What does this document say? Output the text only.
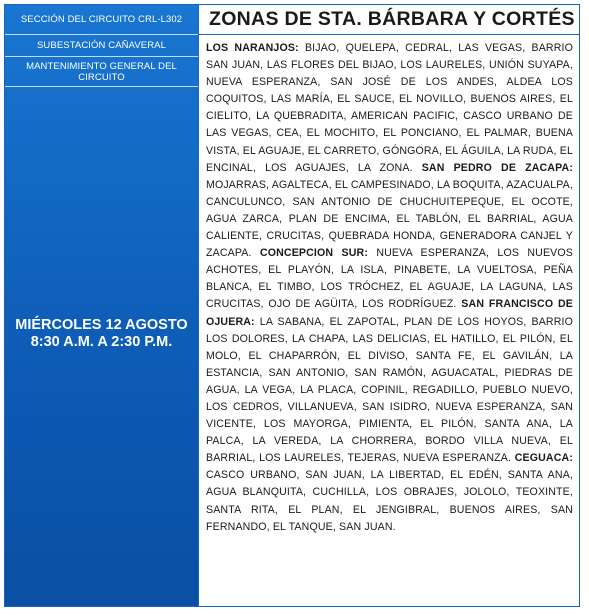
SECCIÓN DEL CIRCUITO CRL-L302
SUBESTACIÓN CAÑAVERAL
MANTENIMIENTO GENERAL DEL CIRCUITO
MIÉRCOLES 12 AGOSTO
8:30 A.M. A 2:30 P.M.
ZONAS DE STA. BÁRBARA Y CORTÉS
LOS NARANJOS: BIJAO, QUELEPA, CEDRAL, LAS VEGAS, BARRIO SAN JUAN, LAS FLORES DEL BIJAO, LOS LAURELES, UNIÓN SUYAPA, NUEVA ESPERANZA, SAN JOSÉ DE LOS ANDES, ALDEA LOS COQUITOS, LAS MARÍA, EL SAUCE, EL NOVILLO, BUENOS AIRES, EL CIELITO, LA QUEBRADITA, AMERICAN PACIFIC, CASCO URBANO DE LAS VEGAS, CEA, EL MOCHITO, EL PONCIANO, EL PALMAR, BUENA VISTA, EL AGUAJE, EL CARRETO, GÓNGORA, EL ÁGUILA, LA RUDA, EL ENCINAL, LOS AGUAJES, LA ZONA. SAN PEDRO DE ZACAPA: MOJARRAS, AGALTECA, EL CAMPESINADO, LA BOQUITA, AZACUALPA, CANCULUNCO, SAN ANTONIO DE CHUCHUITEPEQUE, EL OCOTE, AGUA ZARCA, PLAN DE ENCIMA, EL TABLÓN, EL BARRIAL, AGUA CALIENTE, CRUCITAS, QUEBRADA HONDA, GENERADORA CANJEL Y ZACAPA. CONCEPCION SUR: NUEVA ESPERANZA, LOS NUEVOS ACHOTES, EL PLAYÓN, LA ISLA, PINABETE, LA VUELTOSA, PEÑA BLANCA, EL TIMBO, LOS TRÓCHEZ, EL AGUAJE, LA LAGUNA, LAS CRUCITAS, OJO DE AGÜITA, LOS RODRÍGUEZ. SAN FRANCISCO DE OJUERA: LA SABANA, EL ZAPOTAL, PLAN DE LOS HOYOS, BARRIO LOS DOLORES, LA CHAPA, LAS DELICIAS, EL HATILLO, EL PILÓN, EL MOLO, EL CHAPARRÓN, EL DIVISO, SANTA FE, EL GAVILÁN, LA ESTANCIA, SAN ANTONIO, SAN RAMÓN, AGUACATAL, PIEDRAS DE AGUA, LA VEGA, LA PLACA, COPINIL, REGADILLO, PUEBLO NUEVO, LOS CEDROS, VILLANUEVA, SAN ISIDRO, NUEVA ESPERANZA, SAN VICENTE, LOS MAYORGA, PIMIENTA, EL PILÓN, SANTA ANA, LA PALCA, LA VEREDA, LA CHORRERA, BORDO VILLA NUEVA, EL BARRIAL, LOS LAURELES, TEJERAS, NUEVA ESPERANZA. CEGUACA: CASCO URBANO, SAN JUAN, LA LIBERTAD, EL EDÉN, SANTA ANA, AGUA BLANQUITA, CUCHILLA, LOS OBRAJES, JOLOLO, TEOXINTE, SANTA RITA, EL PLAN, EL JENGIBRAL, BUENOS AIRES, SAN FERNANDO, EL TANQUE, SAN JUAN.
